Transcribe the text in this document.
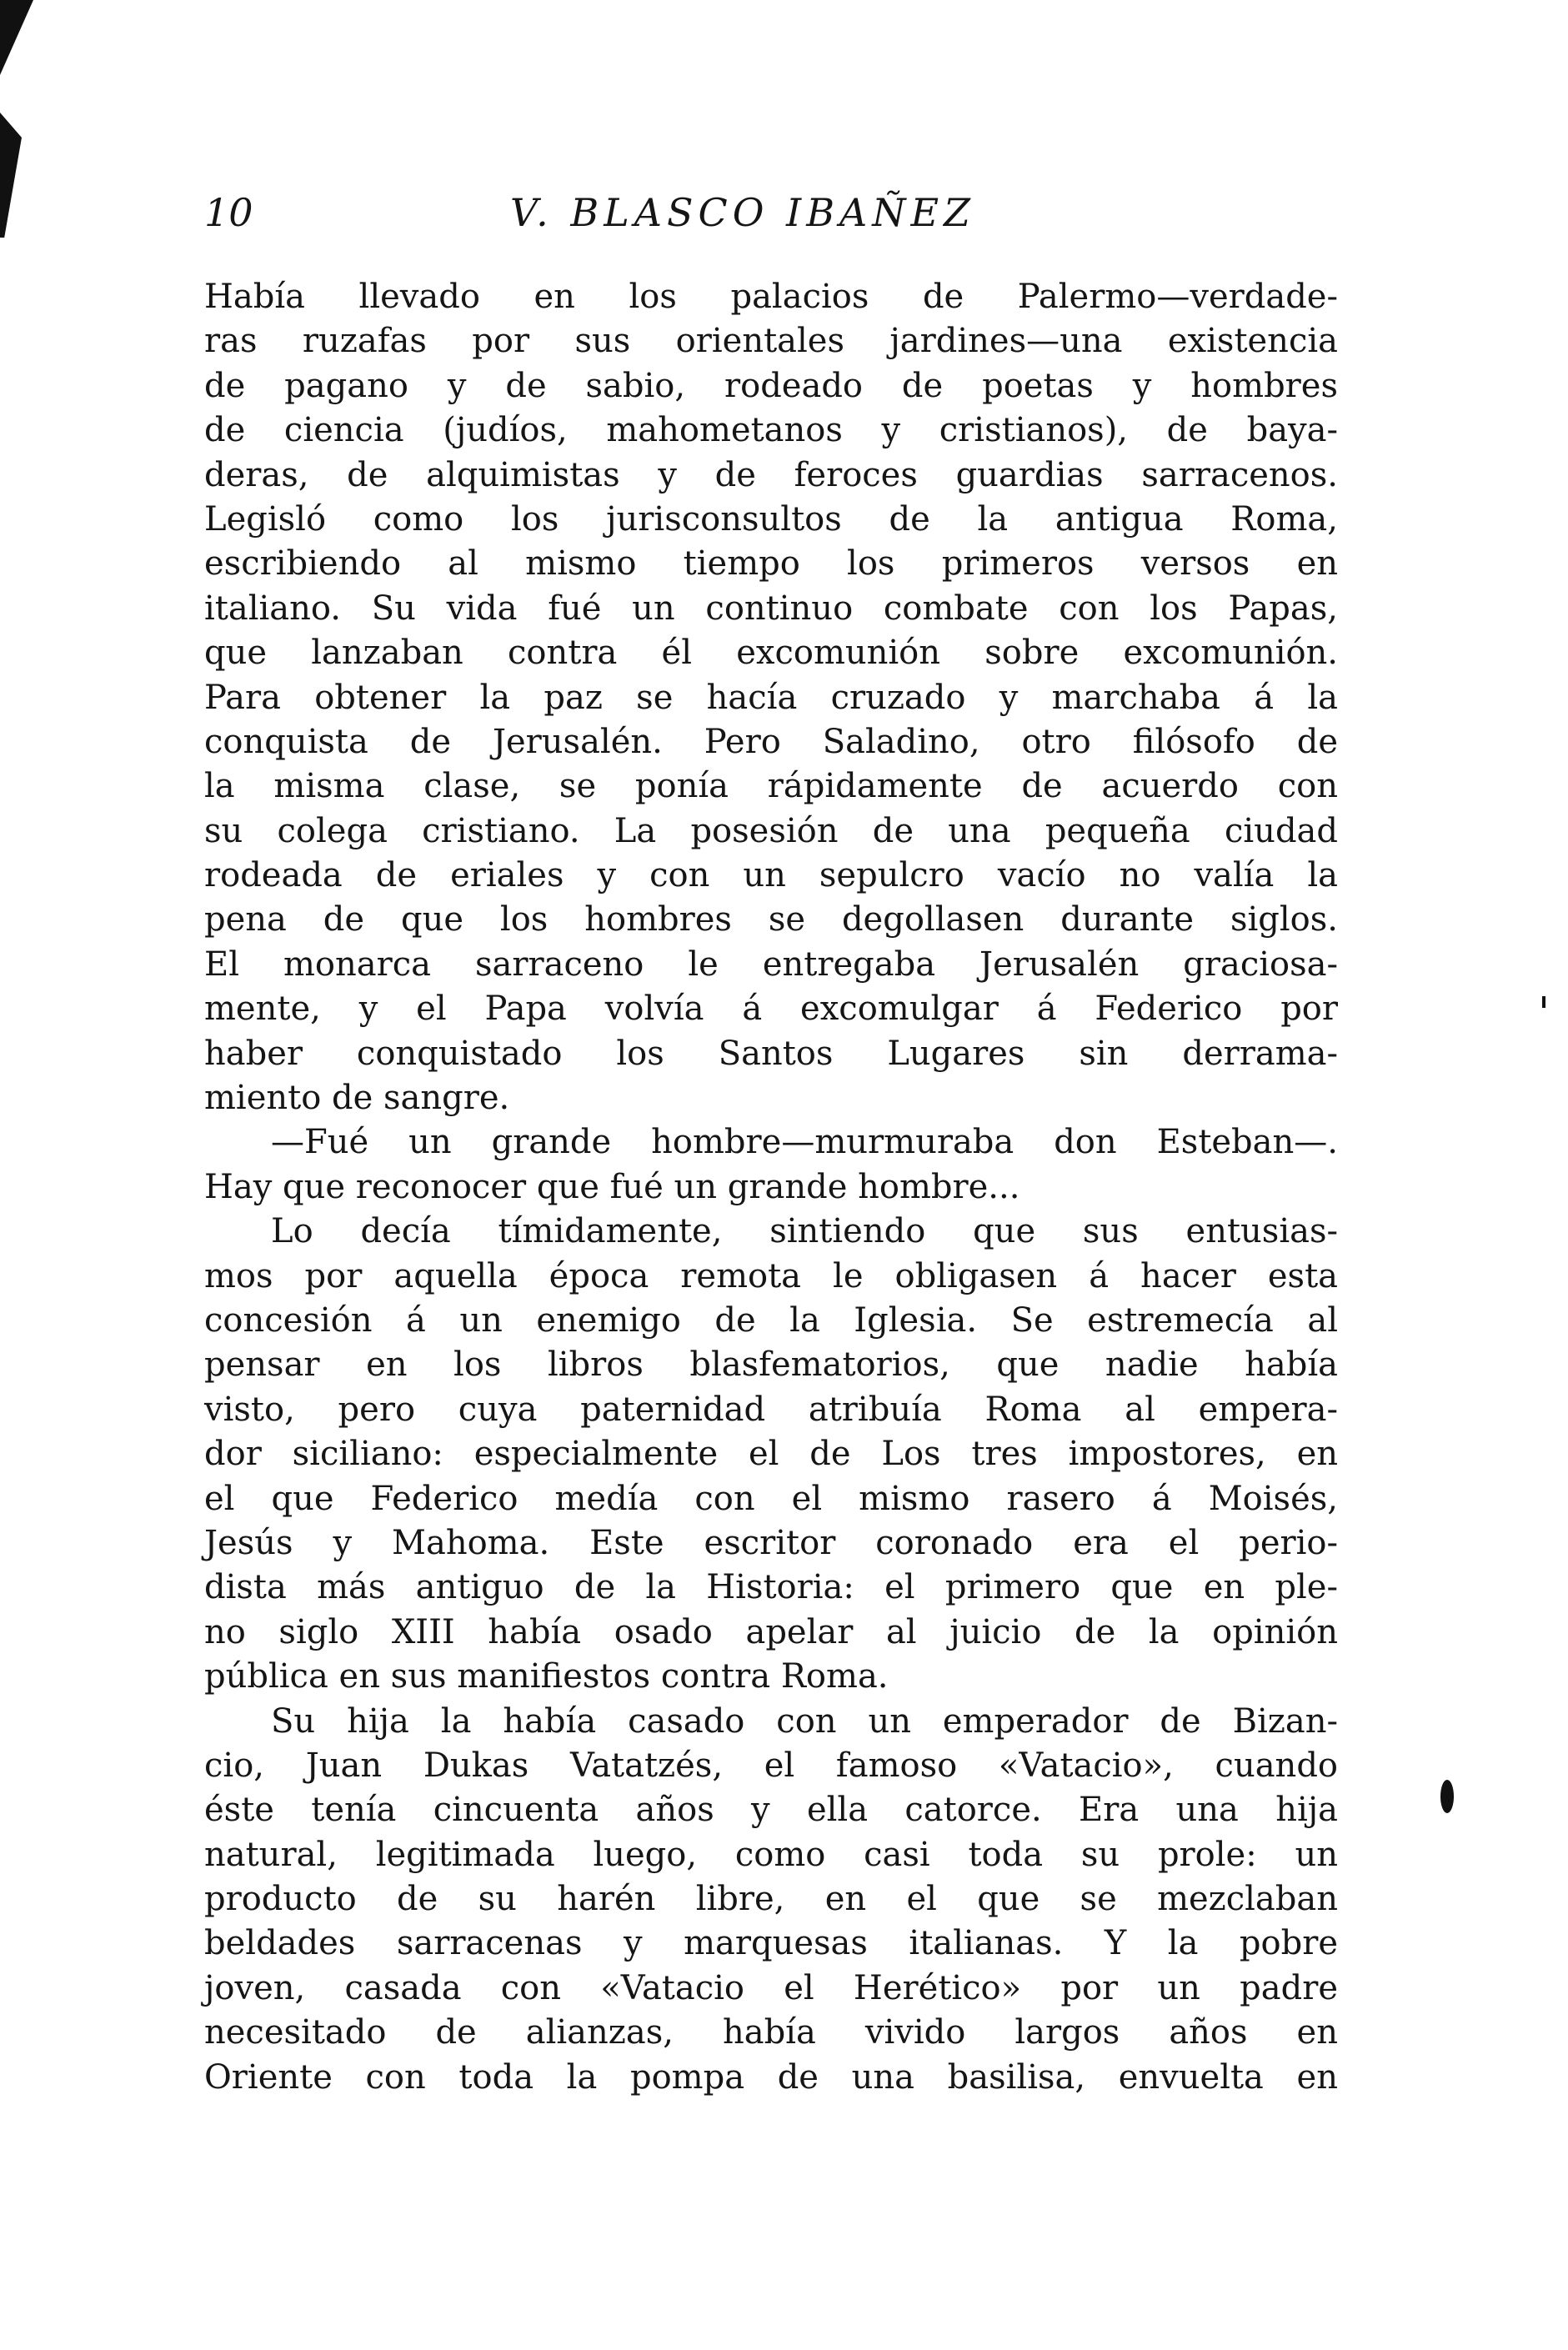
10	V. BLASCO IBAÑEZ
Había llevado en los palacios de Palermo—verdade-
ras ruzafas por sus orientales jardines—una existencia
de pagano y de sabio, rodeado de poetas y hombres
de ciencia (judíos, mahometanos y cristianos), de baya-
deras, de alquimistas y de feroces guardias sarracenos.
Legisló como los jurisconsultos de la antigua Roma,
escribiendo al mismo tiempo los primeros versos en
italiano. Su vida fué un continuo combate con los Papas,
que lanzaban contra él excomunión sobre excomunión.
Para obtener la paz se hacía cruzado y marchaba á la
conquista de Jerusalén. Pero Saladino, otro filósofo de
la misma clase, se ponía rápidamente de acuerdo con
su colega cristiano. La posesión de una pequeña ciudad
rodeada de eriales y con un sepulcro vacío no valía la
pena de que los hombres se degollasen durante siglos.
El monarca sarraceno le entregaba Jerusalén graciosa-
mente, y el Papa volvía á excomulgar á Federico por
haber conquistado los Santos Lugares sin derrama-
miento de sangre.
—Fué un grande hombre—murmuraba don Esteban—.
Hay que reconocer que fué un grande hombre...
Lo decía tímidamente, sintiendo que sus entusias-
mos por aquella época remota le obligasen á hacer esta
concesión á un enemigo de la Iglesia. Se estremecía al
pensar en los libros blasfematorios, que nadie había
visto, pero cuya paternidad atribuía Roma al empera-
dor siciliano: especialmente el de Los tres impostores, en
el que Federico medía con el mismo rasero á Moisés,
Jesús y Mahoma. Este escritor coronado era el perio-
dista más antiguo de la Historia: el primero que en ple-
no siglo XIII había osado apelar al juicio de la opinión
pública en sus manifiestos contra Roma.
Su hija la había casado con un emperador de Bizan-
cio, Juan Dukas Vatatzés, el famoso «Vatacio», cuando
éste tenía cincuenta años y ella catorce. Era una hija
natural, legitimada luego, como casi toda su prole: un
producto de su harén libre, en el que se mezclaban
beldades sarracenas y marquesas italianas. Y la pobre
joven, casada con «Vatacio el Herético» por un padre
necesitado de alianzas, había vivido largos años en
Oriente con toda la pompa de una basilisa, envuelta en
